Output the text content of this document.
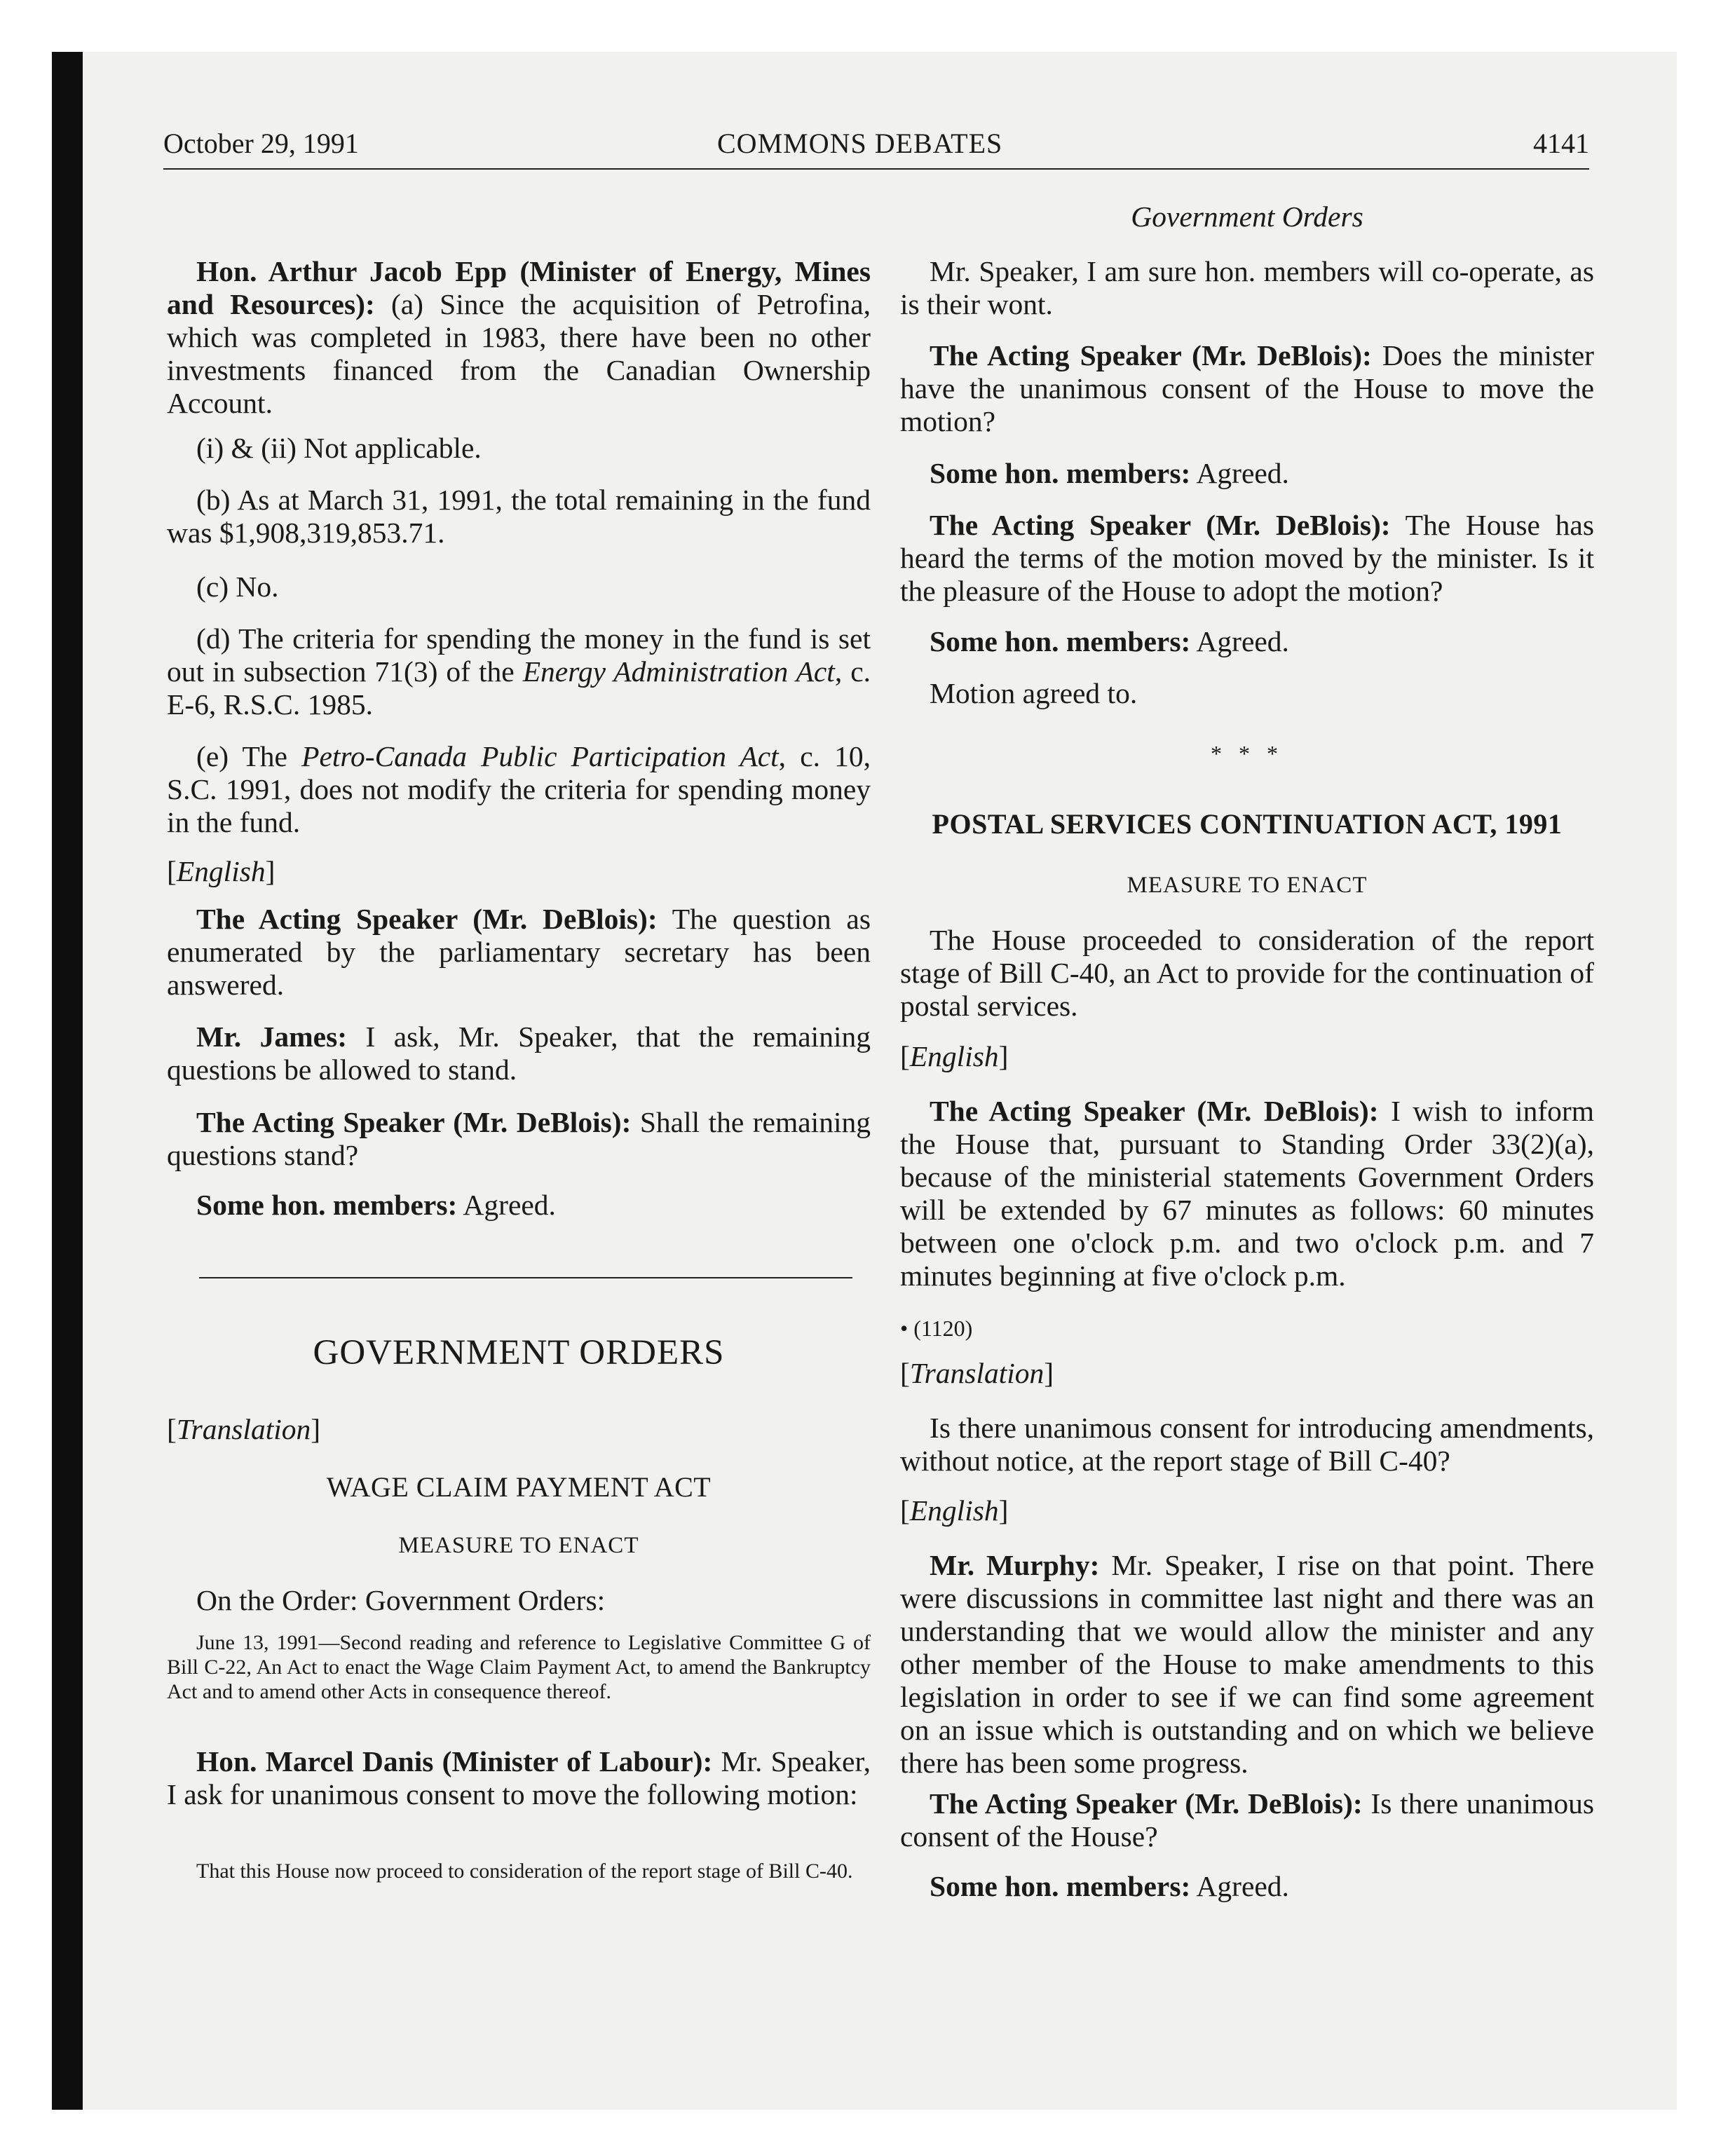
October 29, 1991	COMMONS DEBATES	4141

Hon. Arthur Jacob Epp (Minister of Energy, Mines and Resources): (a) Since the acquisition of Petrofina, which was completed in 1983, there have been no other investments financed from the Canadian Ownership Account.

(i) & (ii) Not applicable.

(b) As at March 31, 1991, the total remaining in the fund was $1,908,319,853.71.

(c) No.

(d) The criteria for spending the money in the fund is set out in subsection 71(3) of the Energy Administration Act, c. E-6, R.S.C. 1985.

(e) The Petro-Canada Public Participation Act, c. 10, S.C. 1991, does not modify the criteria for spending money in the fund.

[English]

The Acting Speaker (Mr. DeBlois): The question as enumerated by the parliamentary secretary has been answered.

Mr. James: I ask, Mr. Speaker, that the remaining questions be allowed to stand.

The Acting Speaker (Mr. DeBlois): Shall the remaining questions stand?

Some hon. members: Agreed.

GOVERNMENT ORDERS

[Translation]

WAGE CLAIM PAYMENT ACT

MEASURE TO ENACT

On the Order: Government Orders:

June 13, 1991—Second reading and reference to Legislative Committee G of Bill C-22, An Act to enact the Wage Claim Payment Act, to amend the Bankruptcy Act and to amend other Acts in consequence thereof.

Hon. Marcel Danis (Minister of Labour): Mr. Speaker, I ask for unanimous consent to move the following motion:

That this House now proceed to consideration of the report stage of Bill C-40.

Government Orders

Mr. Speaker, I am sure hon. members will co-operate, as is their wont.

The Acting Speaker (Mr. DeBlois): Does the minister have the unanimous consent of the House to move the motion?

Some hon. members: Agreed.

The Acting Speaker (Mr. DeBlois): The House has heard the terms of the motion moved by the minister. Is it the pleasure of the House to adopt the motion?

Some hon. members: Agreed.

Motion agreed to.

* * *

POSTAL SERVICES CONTINUATION ACT, 1991

MEASURE TO ENACT

The House proceeded to consideration of the report stage of Bill C-40, an Act to provide for the continuation of postal services.

[English]

The Acting Speaker (Mr. DeBlois): I wish to inform the House that, pursuant to Standing Order 33(2)(a), because of the ministerial statements Government Orders will be extended by 67 minutes as follows: 60 minutes between one o'clock p.m. and two o'clock p.m. and 7 minutes beginning at five o'clock p.m.

• (1120)

[Translation]

Is there unanimous consent for introducing amendments, without notice, at the report stage of Bill C-40?

[English]

Mr. Murphy: Mr. Speaker, I rise on that point. There were discussions in committee last night and there was an understanding that we would allow the minister and any other member of the House to make amendments to this legislation in order to see if we can find some agreement on an issue which is outstanding and on which we believe there has been some progress.

The Acting Speaker (Mr. DeBlois): Is there unanimous consent of the House?

Some hon. members: Agreed.
